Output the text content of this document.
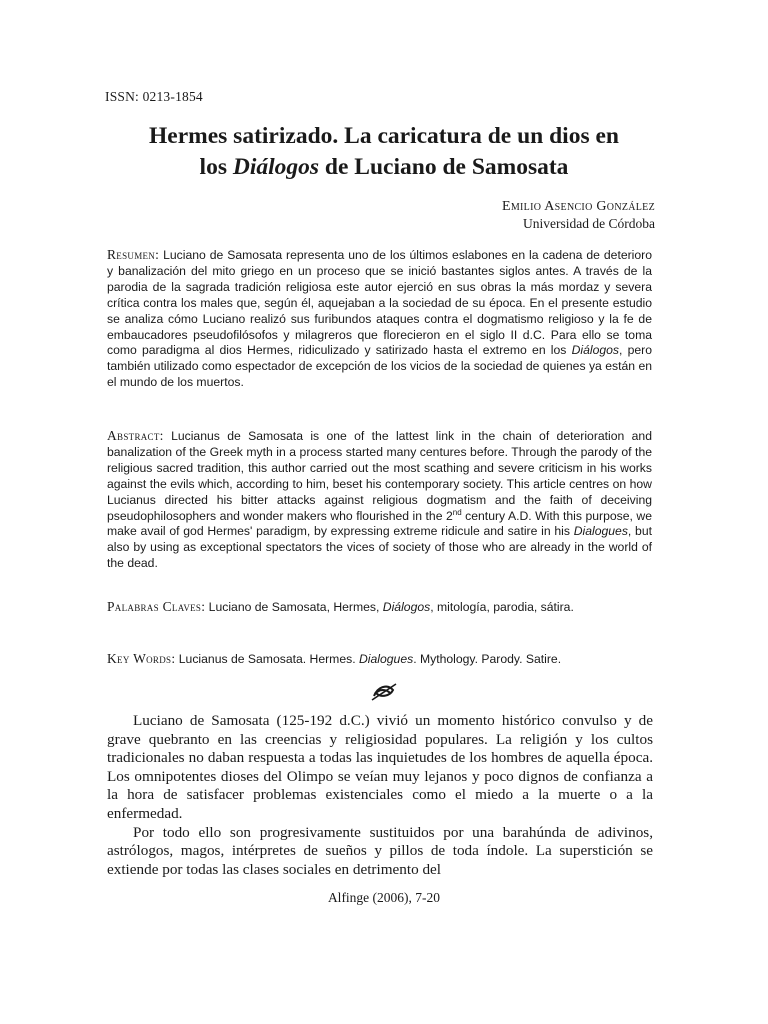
ISSN: 0213-1854
Hermes satirizado. La caricatura de un dios en
los Diálogos de Luciano de Samosata
Emilio Asencio González
Universidad de Córdoba
Resumen: Luciano de Samosata representa uno de los últimos eslabones en la cadena de deterioro y banalización del mito griego en un proceso que se inició bastantes siglos antes. A través de la parodia de la sagrada tradición religiosa este autor ejerció en sus obras la más mordaz y severa crítica contra los males que, según él, aquejaban a la sociedad de su época. En el presente estudio se analiza cómo Luciano realizó sus furibundos ataques contra el dogmatismo religioso y la fe de embaucadores pseudofilósofos y milagreros que florecieron en el siglo II d.C. Para ello se toma como paradigma al dios Hermes, ridiculizado y satirizado hasta el extremo en los Diálogos, pero también utilizado como espectador de excepción de los vicios de la sociedad de quienes ya están en el mundo de los muertos.
Abstract: Lucianus de Samosata is one of the lattest link in the chain of deterioration and banalization of the Greek myth in a process started many centures before. Through the parody of the religious sacred tradition, this author carried out the most scathing and severe criticism in his works against the evils which, according to him, beset his contemporary society. This article centres on how Lucianus directed his bitter attacks against religious dogmatism and the faith of deceiving pseudophilosophers and wonder makers who flourished in the 2nd century A.D. With this purpose, we make avail of god Hermes' paradigm, by expressing extreme ridicule and satire in his Dialogues, but also by using as exceptional spectators the vices of society of those who are already in the world of the dead.
Palabras Claves: Luciano de Samosata, Hermes, Diálogos, mitología, parodia, sátira.
Key Words: Lucianus de Samosata. Hermes. Dialogues. Mythology. Parody. Satire.

Luciano de Samosata (125-192 d.C.) vivió un momento histórico convulso y de grave quebranto en las creencias y religiosidad populares. La religión y los cultos tradicionales no daban respuesta a todas las inquietudes de los hombres de aquella época. Los omnipotentes dioses del Olimpo se veían muy lejanos y poco dignos de confianza a la hora de satisfacer problemas existenciales como el miedo a la muerte o a la enfermedad.

Por todo ello son progresivamente sustituidos por una barahúnda de adivinos, astrólogos, magos, intérpretes de sueños y pillos de toda índole. La superstición se extiende por todas las clases sociales en detrimento del

Alfinge (2006), 7-20
